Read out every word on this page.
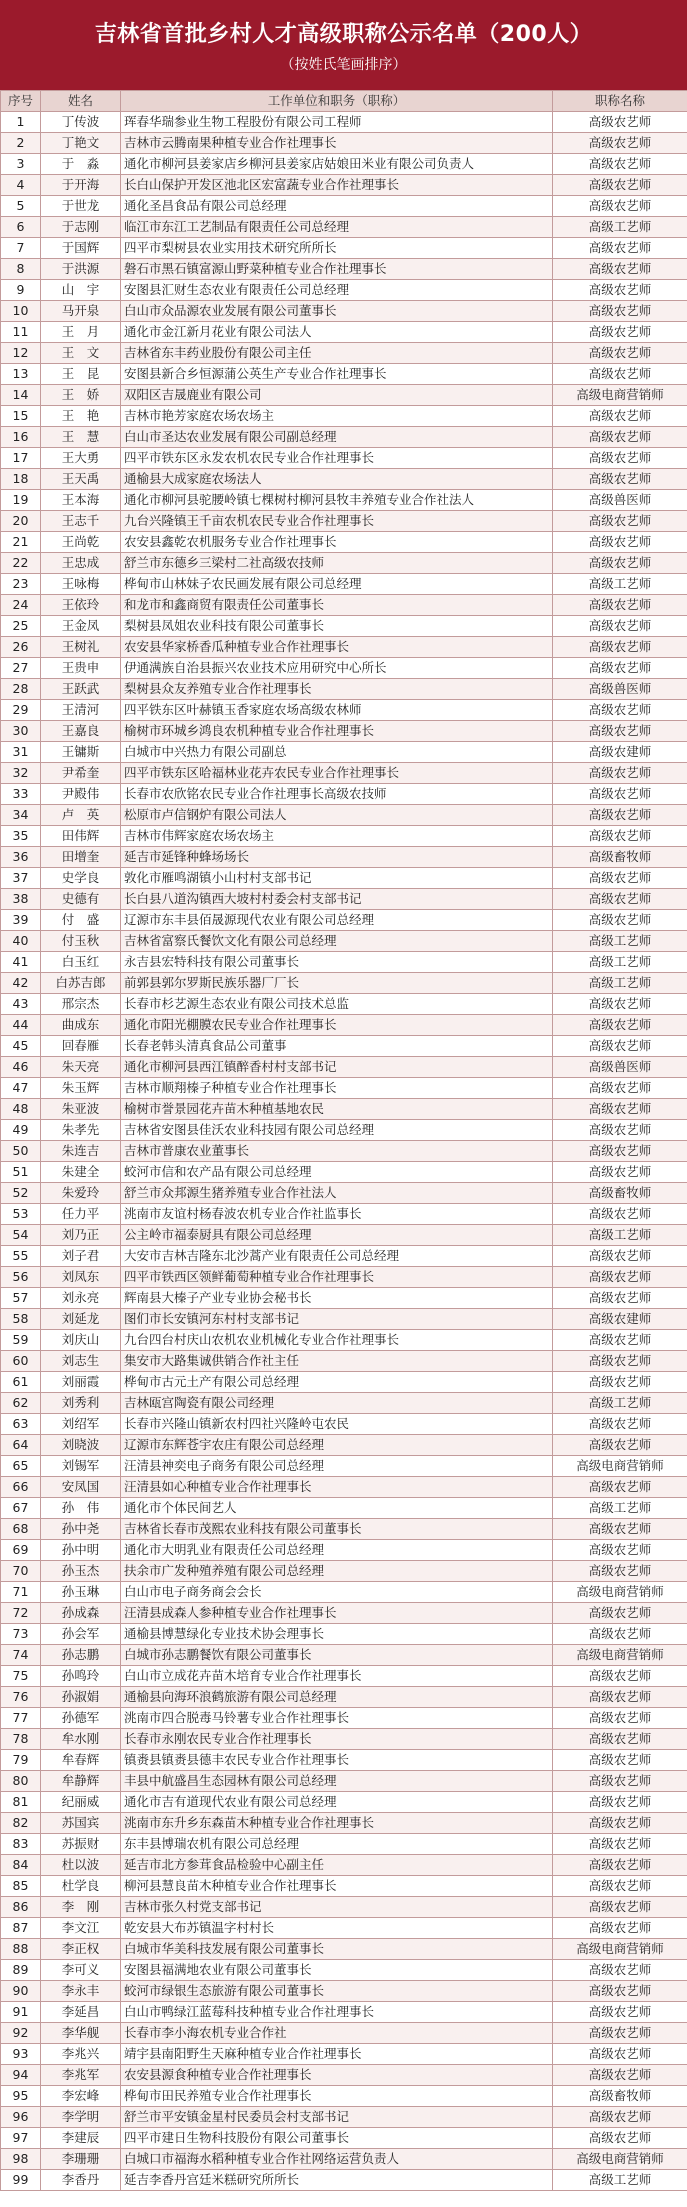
吉林省首批乡村人才高级职称公示名单（200人）
（按姓氏笔画排序）
序号	姓名	工作单位和职务（职称）	职称名称
1	丁传波	珲春华瑞参业生物工程股份有限公司工程师	高级农艺师
2	丁艳文	吉林市云腾南果种植专业合作社理事长	高级农艺师
3	于　淼	通化市柳河县姜家店乡柳河县姜家店姑娘田米业有限公司负责人	高级农艺师
4	于开海	长白山保护开发区池北区宏富蔬专业合作社理事长	高级农艺师
5	于世龙	通化圣昌食品有限公司总经理	高级农艺师
6	于志刚	临江市东江工艺制品有限责任公司总经理	高级工艺师
7	于国辉	四平市梨树县农业实用技术研究所所长	高级农艺师
8	于洪源	磐石市黑石镇富源山野菜种植专业合作社理事长	高级农艺师
9	山　宇	安图县汇财生态农业有限责任公司总经理	高级农艺师
10	马开泉	白山市众品源农业发展有限公司董事长	高级农艺师
11	王　月	通化市金江新月花业有限公司法人	高级农艺师
12	王　文	吉林省东丰药业股份有限公司主任	高级农艺师
13	王　昆	安图县新合乡恒源蒲公英生产专业合作社理事长	高级农艺师
14	王　娇	双阳区吉晟鹿业有限公司	高级电商营销师
15	王　艳	吉林市艳芳家庭农场农场主	高级农艺师
16	王　慧	白山市圣达农业发展有限公司副总经理	高级农艺师
17	王大勇	四平市铁东区永发农机农民专业合作社理事长	高级农艺师
18	王天禹	通榆县大成家庭农场法人	高级农艺师
19	王本海	通化市柳河县驼腰岭镇七棵树村柳河县牧丰养殖专业合作社法人	高级兽医师
20	王志千	九台兴隆镇王千亩农机农民专业合作社理事长	高级农艺师
21	王尚乾	农安县鑫乾农机服务专业合作社理事长	高级农艺师
22	王忠成	舒兰市东德乡三梁村二社高级农技师	高级农艺师
23	王咏梅	桦甸市山林妹子农民画发展有限公司总经理	高级工艺师
24	王依玲	和龙市和鑫商贸有限责任公司董事长	高级农艺师
25	王金凤	梨树县凤姐农业科技有限公司董事长	高级农艺师
26	王树礼	农安县华家桥香瓜种植专业合作社理事长	高级农艺师
27	王贵申	伊通满族自治县振兴农业技术应用研究中心所长	高级农艺师
28	王跃武	梨树县众友养殖专业合作社理事长	高级兽医师
29	王清河	四平铁东区叶赫镇玉香家庭农场高级农林师	高级农艺师
30	王嘉良	榆树市环城乡鸿良农机种植专业合作社理事长	高级农艺师
31	王镛斯	白城市中兴热力有限公司副总	高级农建师
32	尹希奎	四平市铁东区哈福林业花卉农民专业合作社理事长	高级农艺师
33	尹殿伟	长春市农欣铭农民专业合作社理事长高级农技师	高级农艺师
34	卢　英	松原市卢信钢炉有限公司法人	高级农艺师
35	田伟辉	吉林市伟辉家庭农场农场主	高级农艺师
36	田增奎	延吉市延锋种蜂场场长	高级畜牧师
37	史学良	敦化市雁鸣湖镇小山村村支部书记	高级农艺师
38	史德有	长白县八道沟镇西大坡村村委会村支部书记	高级农艺师
39	付　盛	辽源市东丰县佰晟源现代农业有限公司总经理	高级农艺师
40	付玉秋	吉林省富察氏餐饮文化有限公司总经理	高级工艺师
41	白玉红	永吉县宏特科技有限公司董事长	高级工艺师
42	白苏吉郎	前郭县郭尔罗斯民族乐器厂厂长	高级工艺师
43	邢宗杰	长春市杉艺源生态农业有限公司技术总监	高级农艺师
44	曲成东	通化市阳光棚膜农民专业合作社理事长	高级农艺师
45	回春雁	长春老韩头清真食品公司董事	高级农艺师
46	朱天亮	通化市柳河县西江镇醉香村村支部书记	高级兽医师
47	朱玉辉	吉林市顺翔榛子种植专业合作社理事长	高级农艺师
48	朱亚波	榆树市誉景园花卉苗木种植基地农民	高级农艺师
49	朱孝先	吉林省安图县佳沃农业科技园有限公司总经理	高级农艺师
50	朱连吉	吉林市普康农业董事长	高级农艺师
51	朱建全	蛟河市信和农产品有限公司总经理	高级农艺师
52	朱爱玲	舒兰市众邦源生猪养殖专业合作社法人	高级畜牧师
53	任力平	洮南市友谊村杨春波农机专业合作社监事长	高级农艺师
54	刘乃正	公主岭市福泰厨具有限公司总经理	高级工艺师
55	刘子君	大安市吉林吉隆东北沙蒿产业有限责任公司总经理	高级农艺师
56	刘凤东	四平市铁西区领鲜葡萄种植专业合作社理事长	高级农艺师
57	刘永亮	辉南县大榛子产业专业协会秘书长	高级农艺师
58	刘延龙	图们市长安镇河东村村支部书记	高级农建师
59	刘庆山	九台四台村庆山农机农业机械化专业合作社理事长	高级农艺师
60	刘志生	集安市大路集诚供销合作社主任	高级农艺师
61	刘丽霞	桦甸市古元土产有限公司总经理	高级农艺师
62	刘秀利	吉林瓯宫陶瓷有限公司经理	高级工艺师
63	刘绍军	长春市兴隆山镇新农村四社兴隆岭屯农民	高级农艺师
64	刘晓波	辽源市东辉苍宇农庄有限公司总经理	高级农艺师
65	刘锡军	汪清县神奕电子商务有限公司总经理	高级电商营销师
66	安凤国	汪清县如心种植专业合作社理事长	高级农艺师
67	孙　伟	通化市个体民间艺人	高级工艺师
68	孙中尧	吉林省长春市茂熙农业科技有限公司董事长	高级农艺师
69	孙中明	通化市大明乳业有限责任公司总经理	高级农艺师
70	孙玉杰	扶余市广发种殖养殖有限公司总经理	高级农艺师
71	孙玉琳	白山市电子商务商会会长	高级电商营销师
72	孙成森	汪清县成森人参种植专业合作社理事长	高级农艺师
73	孙会军	通榆县博慧绿化专业技术协会理事长	高级农艺师
74	孙志鹏	白城市孙志鹏餐饮有限公司董事长	高级电商营销师
75	孙鸣玲	白山市立成花卉苗木培育专业合作社理事长	高级农艺师
76	孙淑娟	通榆县向海环浪鹤旅游有限公司总经理	高级农艺师
77	孙德军	洮南市四合脱毒马铃薯专业合作社理事长	高级农艺师
78	牟水刚	长春市永刚农民专业合作社理事长	高级农艺师
79	牟春辉	镇赉县镇赉县德丰农民专业合作社理事长	高级农艺师
80	牟静辉	丰县中航盛昌生态园林有限公司总经理	高级农艺师
81	纪丽威	通化市吉有道现代农业有限公司总经理	高级农艺师
82	苏国宾	洮南市东升乡东森苗木种植专业合作社理事长	高级农艺师
83	苏振财	东丰县博瑞农机有限公司总经理	高级农艺师
84	杜以波	延吉市北方参茸食品检验中心副主任	高级农艺师
85	杜学良	柳河县慧良苗木种植专业合作社理事长	高级农艺师
86	李　刚	吉林市张久村党支部书记	高级农艺师
87	李文江	乾安县大布苏镇温字村村长	高级农艺师
88	李正权	白城市华美科技发展有限公司董事长	高级电商营销师
89	李可义	安图县福满地农业有限公司董事长	高级农艺师
90	李永丰	蛟河市绿银生态旅游有限公司董事长	高级农艺师
91	李延昌	白山市鸭绿江蓝莓科技种植专业合作社理事长	高级农艺师
92	李华舰	长春市李小海农机专业合作社	高级农艺师
93	李兆兴	靖宇县南阳野生天麻种植专业合作社理事长	高级农艺师
94	李兆军	农安县源食种植专业合作社理事长	高级农艺师
95	李宏峰	桦甸市田民养殖专业合作社理事长	高级畜牧师
96	李学明	舒兰市平安镇金星村民委员会村支部书记	高级农艺师
97	李建辰	四平市建日生物科技股份有限公司董事长	高级农艺师
98	李珊珊	白城口市福海水稻种植专业合作社网络运营负责人	高级电商营销师
99	李香丹	延吉李香丹宫廷米糕研究所所长	高级工艺师
